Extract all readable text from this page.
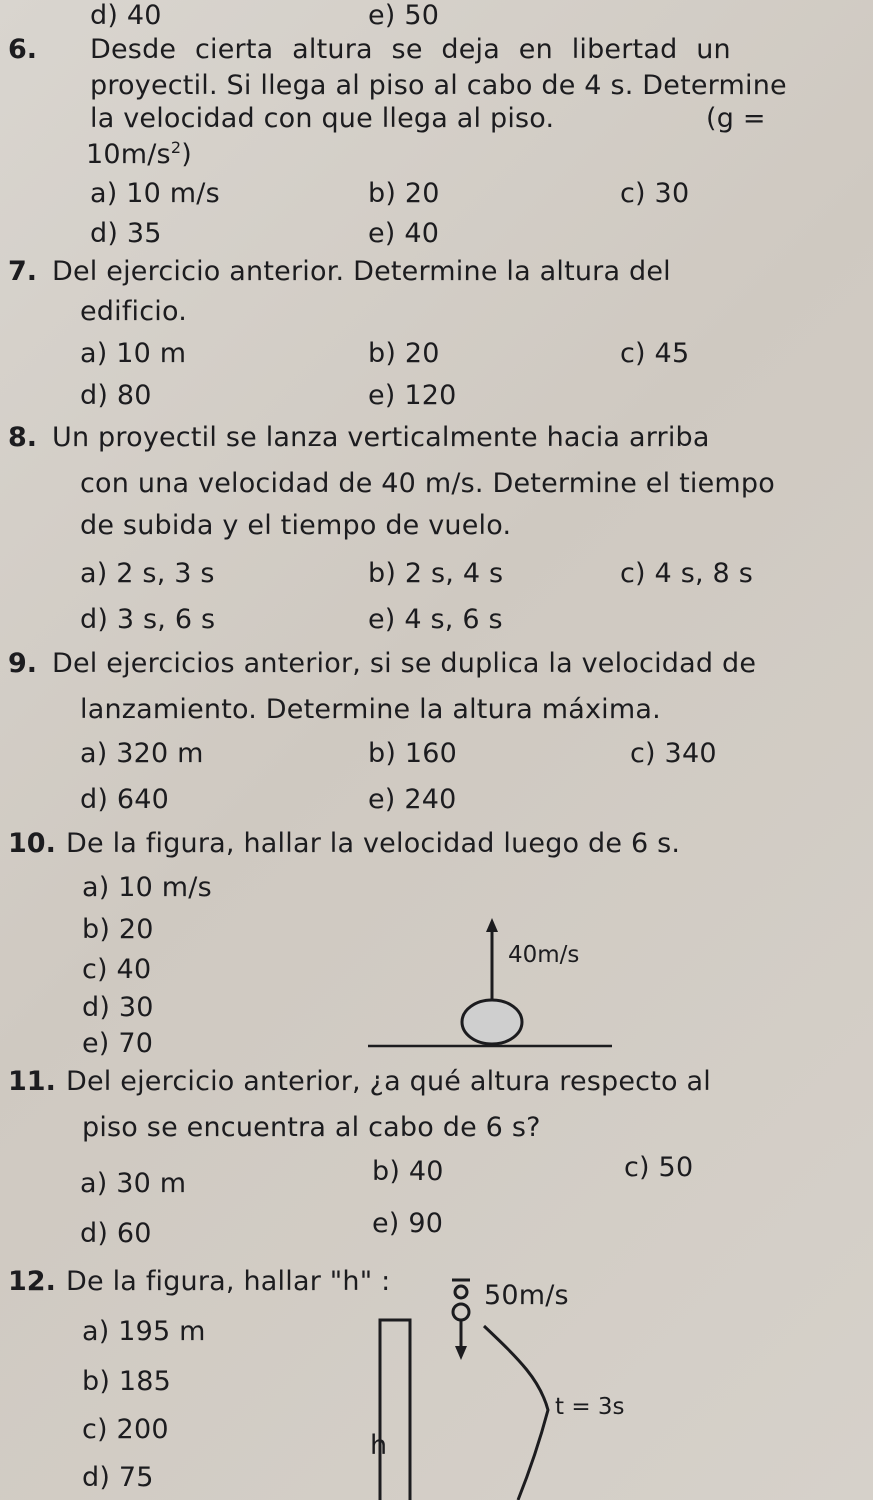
d) 40	e) 50
6. Desde cierta altura se deja en libertad un
proyectil. Si llega al piso al cabo de 4 s. Determine
la velocidad con que llega al piso.	(g =
$10m/s^2$)
a) 10 m/s	b) 20	c) 30
d) 35	e) 40
7. Del ejercicio anterior. Determine la altura del
edificio.
a) 10 m	b) 20	c) 45
d) 80	e) 120
8. Un proyectil se lanza verticalmente hacia arriba
con una velocidad de 40 m/s. Determine el tiempo
de subida y el tiempo de vuelo.
a) 2 s, 3 s	b) 2 s, 4 s	c) 4 s, 8 s
d) 3 s, 6 s	e) 4 s, 6 s
9. Del ejercicios anterior, si se duplica la velocidad de
lanzamiento. Determine la altura máxima.
a) 320 m	b) 160	c) 340
d) 640	e) 240
10. De la figura, hallar la velocidad luego de 6 s.
a) 10 m/s
b) 20
c) 40
d) 30
e) 70
40m/s
11. Del ejercicio anterior, ¿a qué altura respecto al
piso se encuentra al cabo de 6 s?
a) 30 m	b) 40	c) 50
d) 60	e) 90
12. De la figura, hallar "h" :
a) 195 m
b) 185
c) 200
d) 75
50m/s
t = 3s
h
